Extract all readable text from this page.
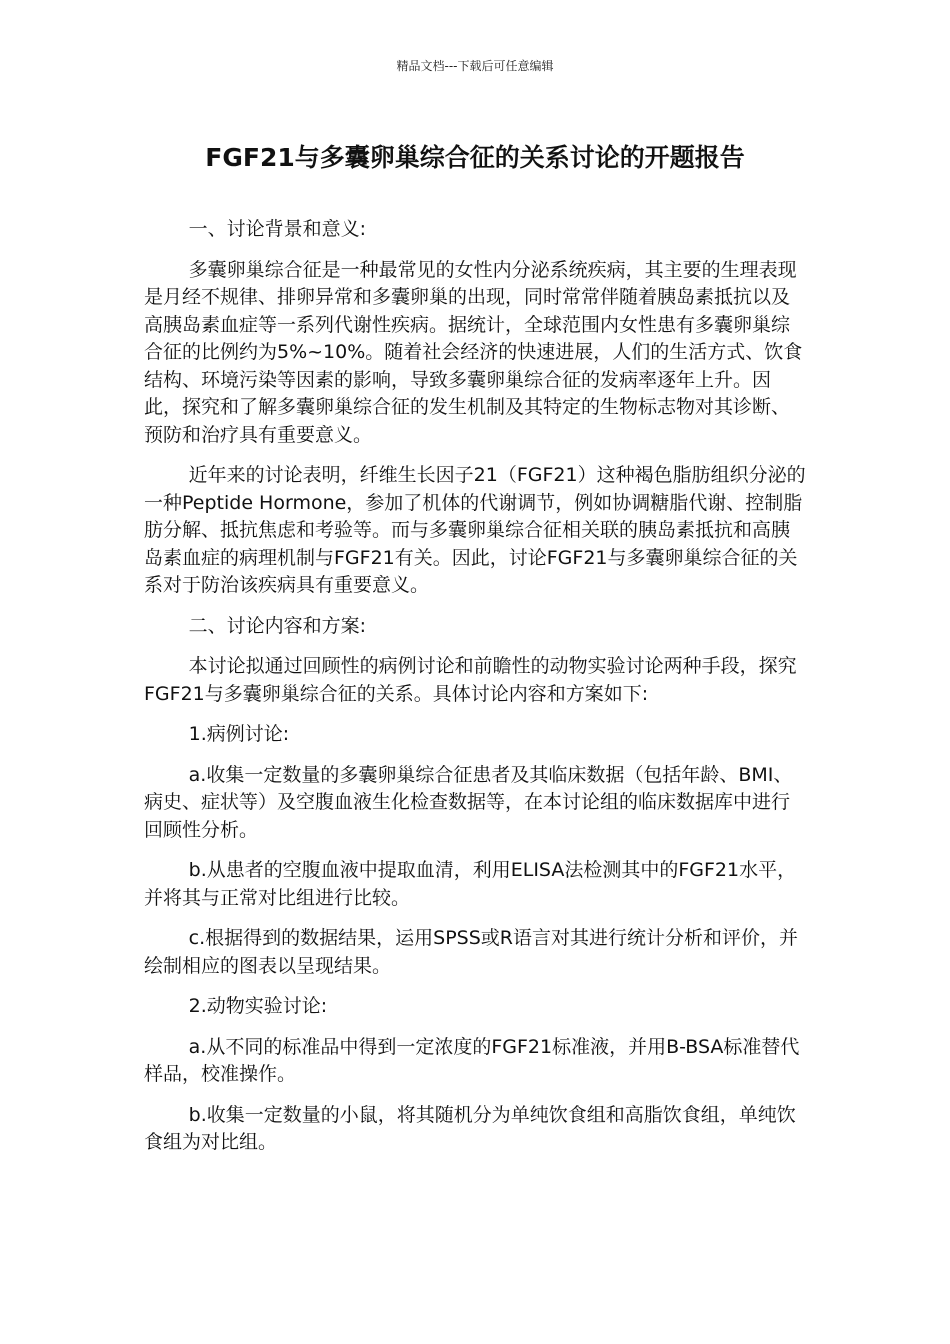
精品文档---下载后可任意编辑
FGF21与多囊卵巢综合征的关系讨论的开题报告

一、讨论背景和意义:

多囊卵巢综合征是一种最常见的女性内分泌系统疾病，其主要的生理表现是月经不规律、排卵异常和多囊卵巢的出现，同时常常伴随着胰岛素抵抗以及高胰岛素血症等一系列代谢性疾病。据统计，全球范围内女性患有多囊卵巢综合征的比例约为5%~10%。随着社会经济的快速进展，人们的生活方式、饮食结构、环境污染等因素的影响，导致多囊卵巢综合征的发病率逐年上升。因此，探究和了解多囊卵巢综合征的发生机制及其特定的生物标志物对其诊断、预防和治疗具有重要意义。

近年来的讨论表明，纤维生长因子21（FGF21）这种褐色脂肪组织分泌的一种Peptide Hormone，参加了机体的代谢调节，例如协调糖脂代谢、控制脂肪分解、抵抗焦虑和考验等。而与多囊卵巢综合征相关联的胰岛素抵抗和高胰岛素血症的病理机制与FGF21有关。因此，讨论FGF21与多囊卵巢综合征的关系对于防治该疾病具有重要意义。

二、讨论内容和方案:

本讨论拟通过回顾性的病例讨论和前瞻性的动物实验讨论两种手段，探究FGF21与多囊卵巢综合征的关系。具体讨论内容和方案如下:

1.病例讨论:

a.收集一定数量的多囊卵巢综合征患者及其临床数据（包括年龄、BMI、病史、症状等）及空腹血液生化检查数据等，在本讨论组的临床数据库中进行回顾性分析。

b.从患者的空腹血液中提取血清，利用ELISA法检测其中的FGF21水平，并将其与正常对比组进行比较。

c.根据得到的数据结果，运用SPSS或R语言对其进行统计分析和评价，并绘制相应的图表以呈现结果。

2.动物实验讨论:

a.从不同的标准品中得到一定浓度的FGF21标准液，并用B-BSA标准替代样品，校准操作。

b.收集一定数量的小鼠，将其随机分为单纯饮食组和高脂饮食组，单纯饮食组为对比组。
